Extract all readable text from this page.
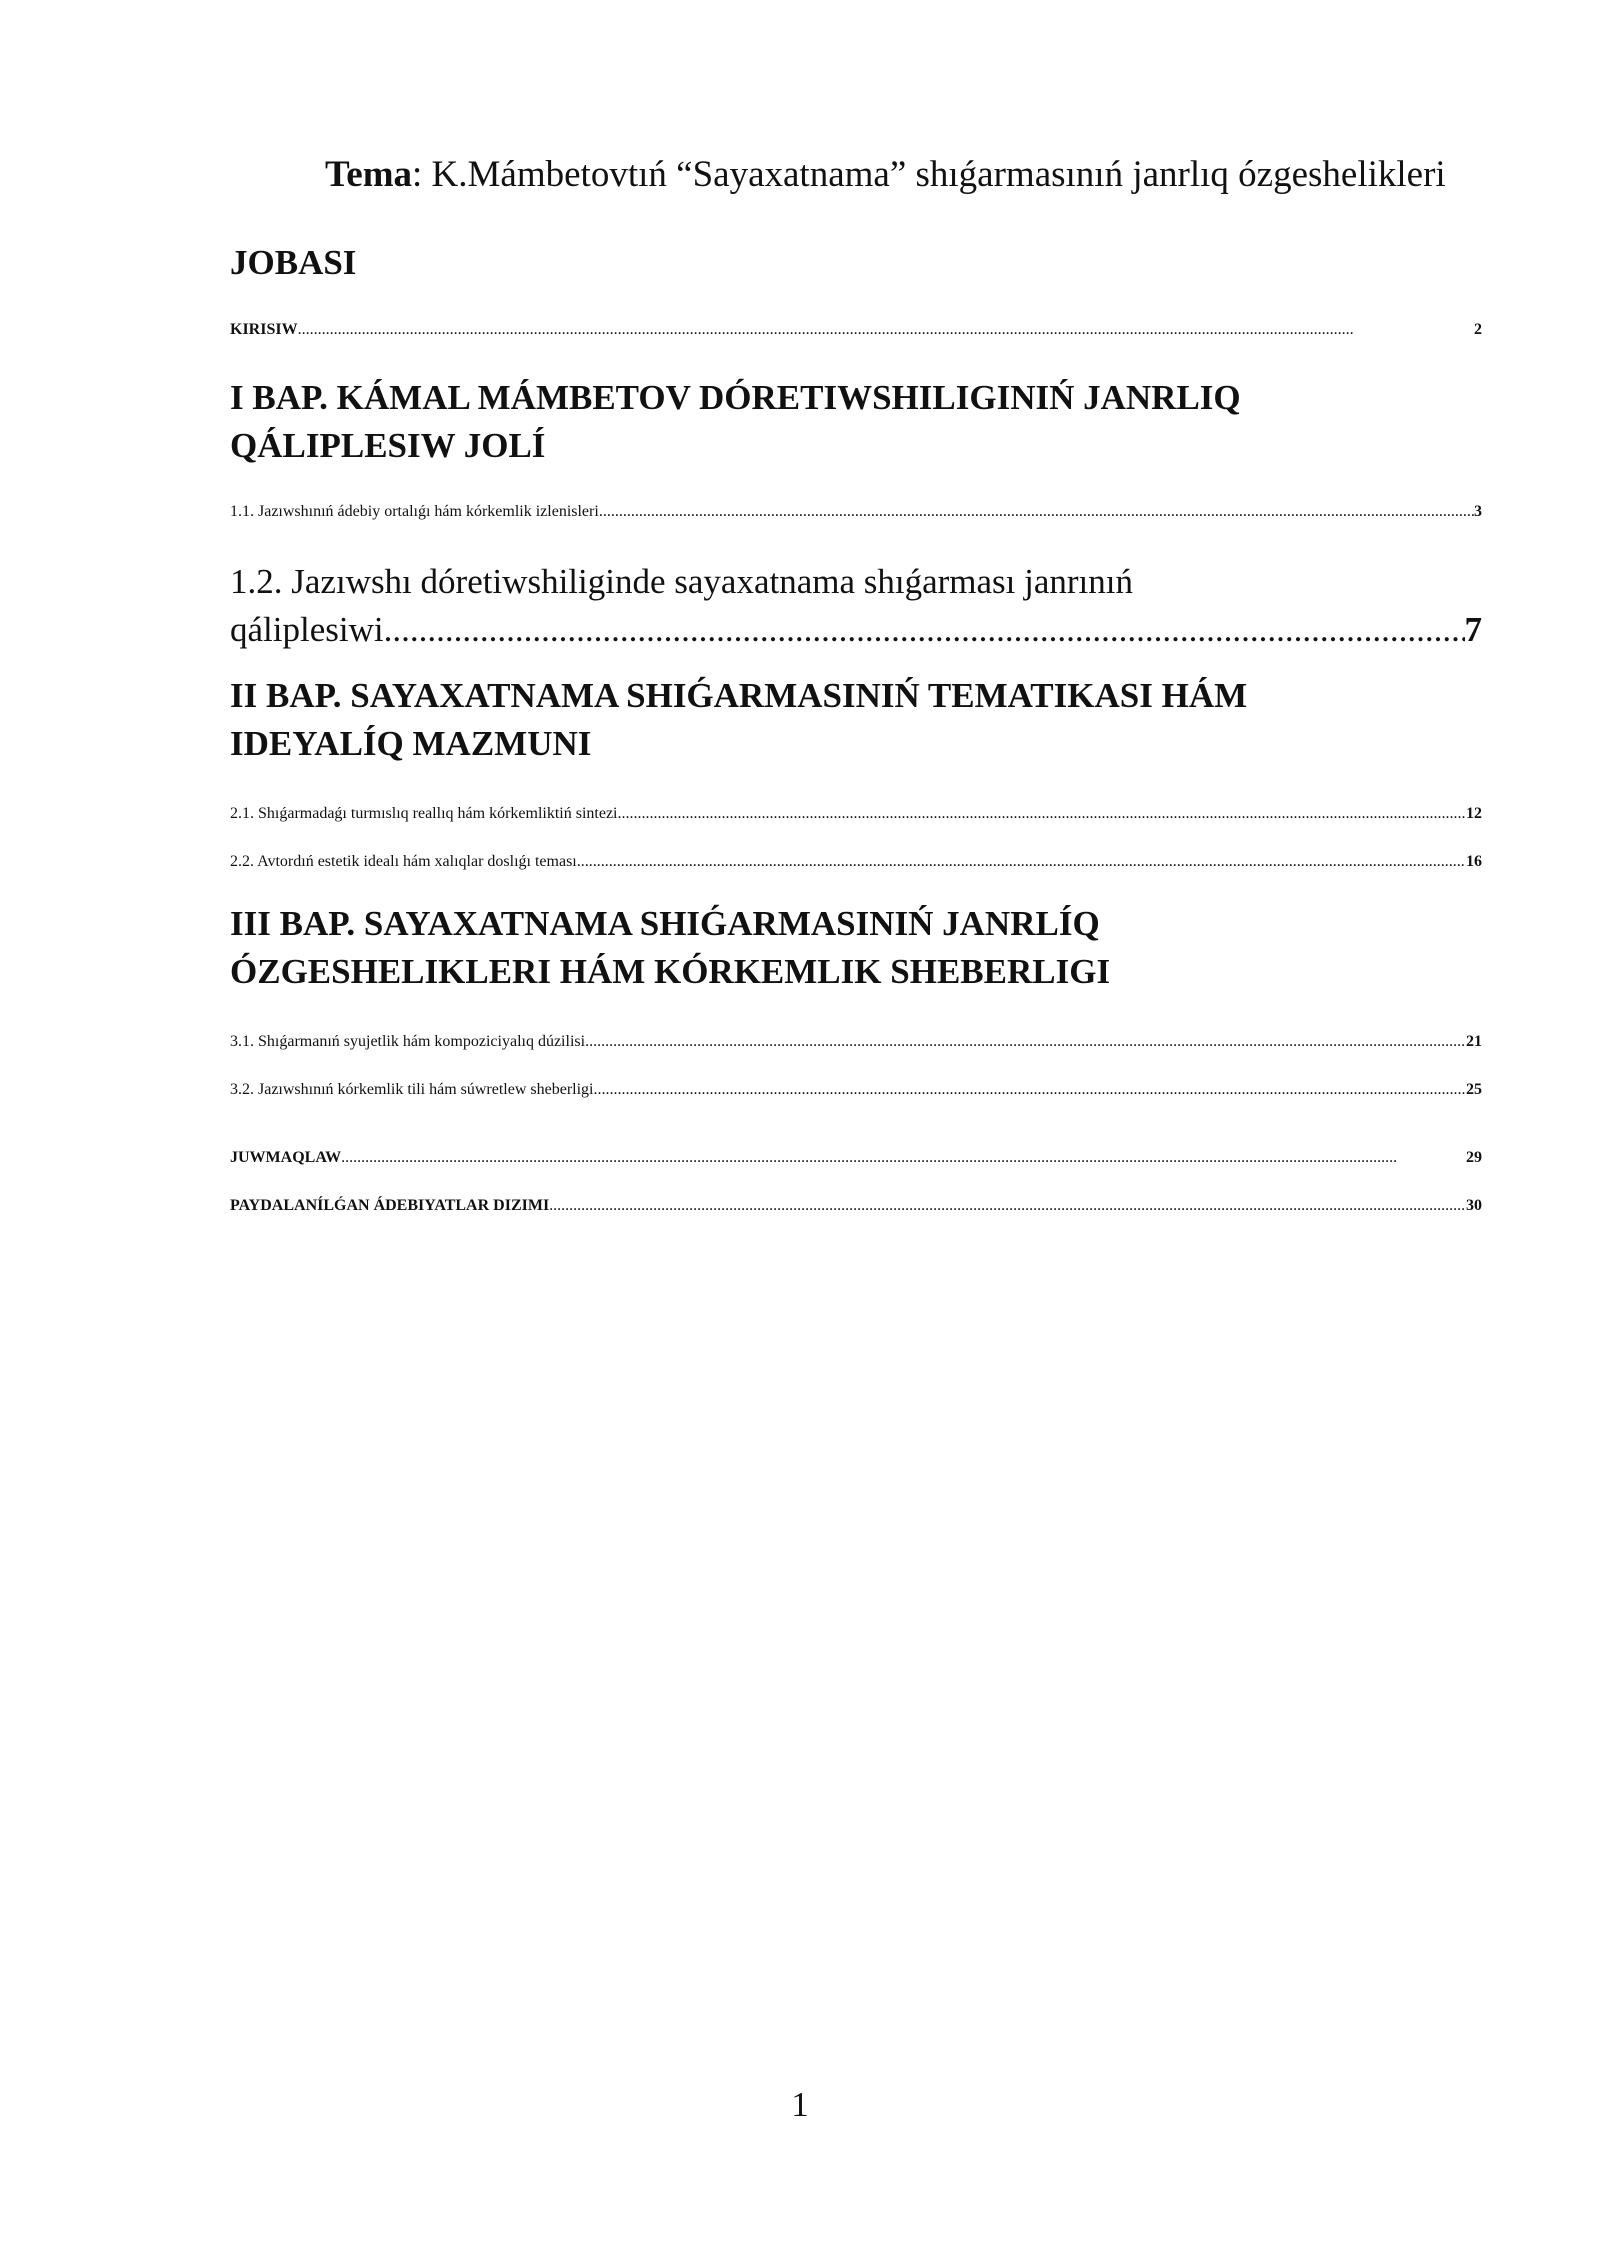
Tema: K.Mámbetovtıń “Sayaxatnama” shıǵarmasınıń janrlıq ózgeshelikleri
JOBASI
KIRISIW .....	2
I BAP. KÁMAL MÁMBETOV DÓRETIWSHILIGINIŃ JANRLIQ QÁLIPLESIW JOLÍ
1.1. Jazıwshınıń ádebiy ortalıǵı hám kórkemlik izlenisleri .....	3
1.2. Jazıwshı dóretiwshiliginde sayaxatnama shıǵarması janrınıń
qáliplesiwi .....	7
II BAP. SAYAXATNAMA SHIǴARMASINIŃ TEMATIKASI HÁM IDEYALÍQ MAZMUNI
2.1. Shıǵarmadaǵı turmıslıq reallıq hám kórkemliktiń sintezi .....	12
2.2. Avtordıń estetik idealı hám xalıqlar doslıǵı teması .....	16
III BAP. SAYAXATNAMA SHIǴARMASINIŃ JANRLÍQ ÓZGESHELIKLERI HÁM KÓRKEMLIK SHEBERLIGI
3.1. Shıǵarmanıń syujetlik hám kompoziciyalıq dúzilisi .....	21
3.2. Jazıwshınıń kórkemlik tili hám súwretlew sheberligi .....	25
JUWMAQLAW .....	29
PAYDALANÍLǴAN ÁDEBIYATLAR DIZIMI .....	30
1
